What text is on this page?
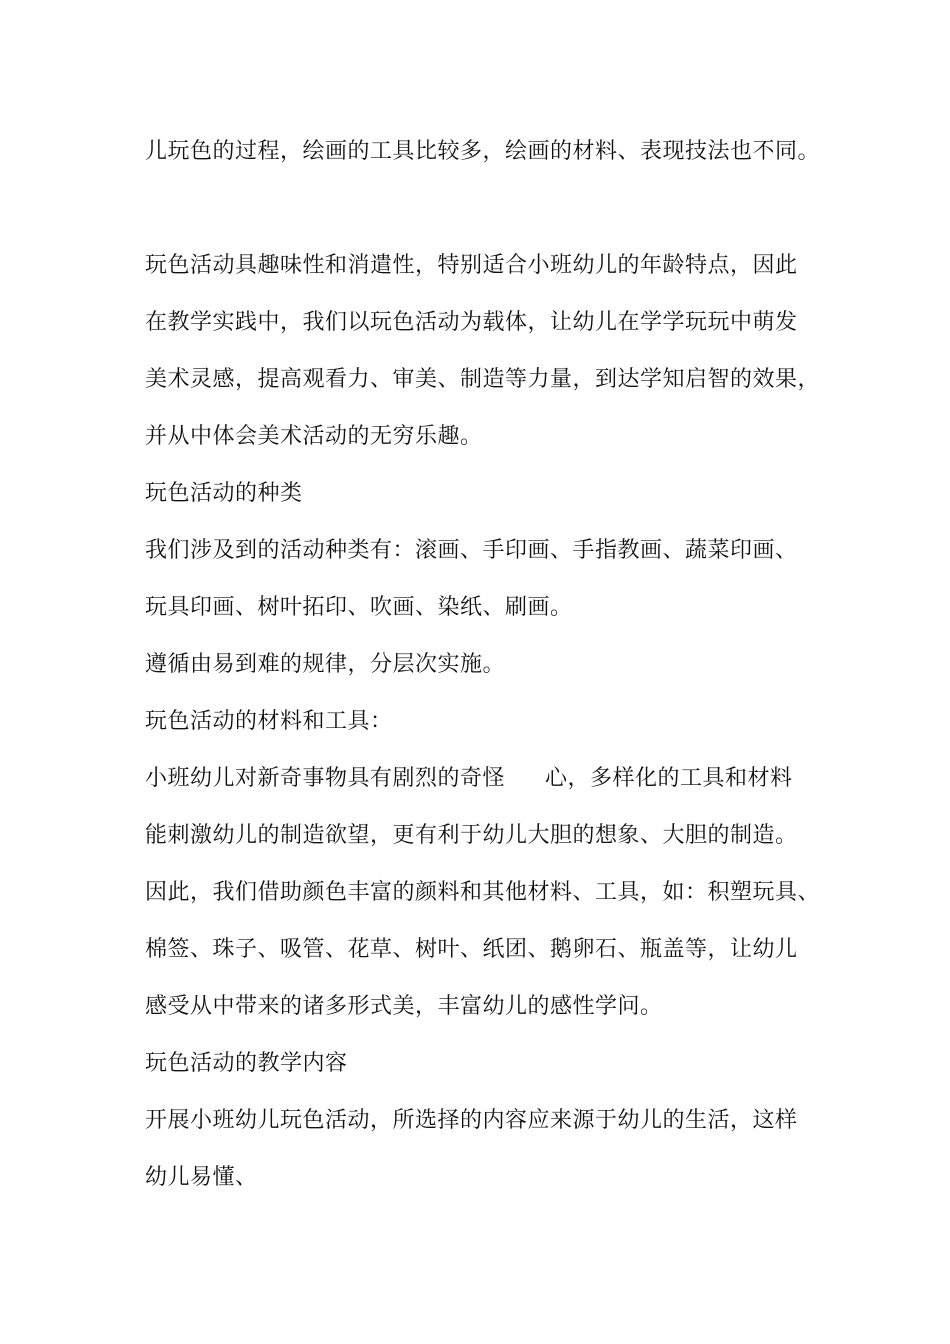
儿玩色的过程，绘画的工具比较多，绘画的材料、表现技法也不同。
玩色活动具趣味性和消遣性，特别适合小班幼儿的年龄特点，因此
在教学实践中，我们以玩色活动为载体，让幼儿在学学玩玩中萌发
美术灵感，提高观看力、审美、制造等力量，到达学知启智的效果，
并从中体会美术活动的无穷乐趣。
玩色活动的种类
我们涉及到的活动种类有：滚画、手印画、手指教画、蔬菜印画、
玩具印画、树叶拓印、吹画、染纸、刷画。
遵循由易到难的规律，分层次实施。
玩色活动的材料和工具：
小班幼儿对新奇事物具有剧烈的奇怪 心，多样化的工具和材料
能刺激幼儿的制造欲望，更有利于幼儿大胆的想象、大胆的制造。
因此，我们借助颜色丰富的颜料和其他材料、工具，如：积塑玩具、
棉签、珠子、吸管、花草、树叶、纸团、鹅卵石、瓶盖等，让幼儿
感受从中带来的诸多形式美，丰富幼儿的感性学问。
玩色活动的教学内容
开展小班幼儿玩色活动，所选择的内容应来源于幼儿的生活，这样
幼儿易懂、
